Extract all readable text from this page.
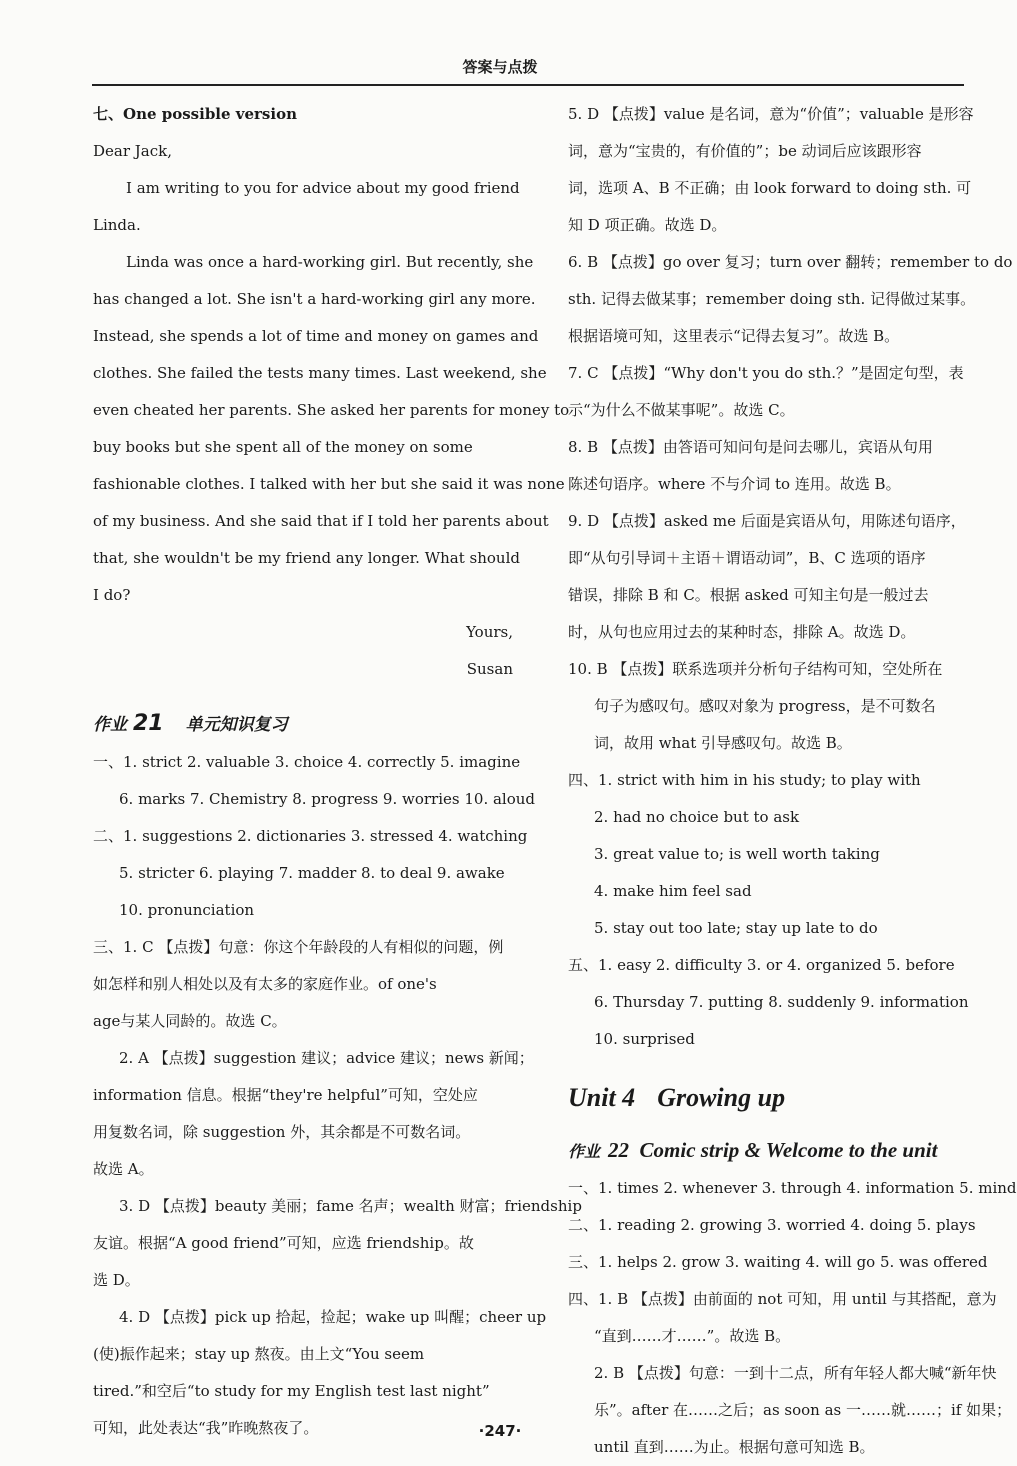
答案与点拨
七、One possible version
Dear Jack,
I am writing to you for advice about my good friend
Linda.
Linda was once a hard-working girl. But recently, she
has changed a lot. She isn't a hard-working girl any more.
Instead, she spends a lot of time and money on games and
clothes. She failed the tests many times. Last weekend, she
even cheated her parents. She asked her parents for money to
buy books but she spent all of the money on some
fashionable clothes. I talked with her but she said it was none
of my business. And she said that if I told her parents about
that, she wouldn't be my friend any longer. What should
I do?
Yours,
Susan
作业 21 单元知识复习
一、1. strict 2. valuable 3. choice 4. correctly 5. imagine
6. marks 7. Chemistry 8. progress 9. worries 10. aloud
二、1. suggestions 2. dictionaries 3. stressed 4. watching
5. stricter 6. playing 7. madder 8. to deal 9. awake
10. pronunciation
三、1. C 【点拨】句意：你这个年龄段的人有相似的问题，例
如怎样和别人相处以及有太多的家庭作业。of one's
age与某人同龄的。故选 C。
2. A 【点拨】suggestion 建议；advice 建议；news 新闻；
information 信息。根据“they're helpful”可知，空处应
用复数名词，除 suggestion 外，其余都是不可数名词。
故选 A。
3. D 【点拨】beauty 美丽；fame 名声；wealth 财富；friendship
友谊。根据“A good friend”可知，应选 friendship。故
选 D。
4. D 【点拨】pick up 拾起，捡起；wake up 叫醒；cheer up
(使)振作起来；stay up 熬夜。由上文“You seem
tired.”和空后“to study for my English test last night”
可知，此处表达“我”昨晚熬夜了。
5. D 【点拨】value 是名词，意为“价值”；valuable 是形容
词，意为“宝贵的，有价值的”；be 动词后应该跟形容
词，选项 A、B 不正确；由 look forward to doing sth. 可
知 D 项正确。故选 D。
6. B 【点拨】go over 复习；turn over 翻转；remember to do
sth. 记得去做某事；remember doing sth. 记得做过某事。
根据语境可知，这里表示“记得去复习”。故选 B。
7. C 【点拨】“Why don't you do sth.？”是固定句型，表
示“为什么不做某事呢”。故选 C。
8. B 【点拨】由答语可知问句是问去哪儿，宾语从句用
陈述句语序。where 不与介词 to 连用。故选 B。
9. D 【点拨】asked me 后面是宾语从句，用陈述句语序，
即“从句引导词＋主语＋谓语动词”，B、C 选项的语序
错误，排除 B 和 C。根据 asked 可知主句是一般过去
时，从句也应用过去的某种时态，排除 A。故选 D。
10. B 【点拨】联系选项并分析句子结构可知，空处所在
句子为感叹句。感叹对象为 progress，是不可数名
词，故用 what 引导感叹句。故选 B。
四、1. strict with him in his study; to play with
2. had no choice but to ask
3. great value to; is well worth taking
4. make him feel sad
5. stay out too late; stay up late to do
五、1. easy 2. difficulty 3. or 4. organized 5. before
6. Thursday 7. putting 8. suddenly 9. information
10. surprised
Unit 4 Growing up
作业 22 Comic strip & Welcome to the unit
一、1. times 2. whenever 3. through 4. information 5. mind
二、1. reading 2. growing 3. worried 4. doing 5. plays
三、1. helps 2. grow 3. waiting 4. will go 5. was offered
四、1. B 【点拨】由前面的 not 可知，用 until 与其搭配，意为
“直到……才……”。故选 B。
2. B 【点拨】句意：一到十二点，所有年轻人都大喊“新年快
乐”。after 在……之后；as soon as 一……就……；if 如果；
until 直到……为止。根据句意可知选 B。
·247·
